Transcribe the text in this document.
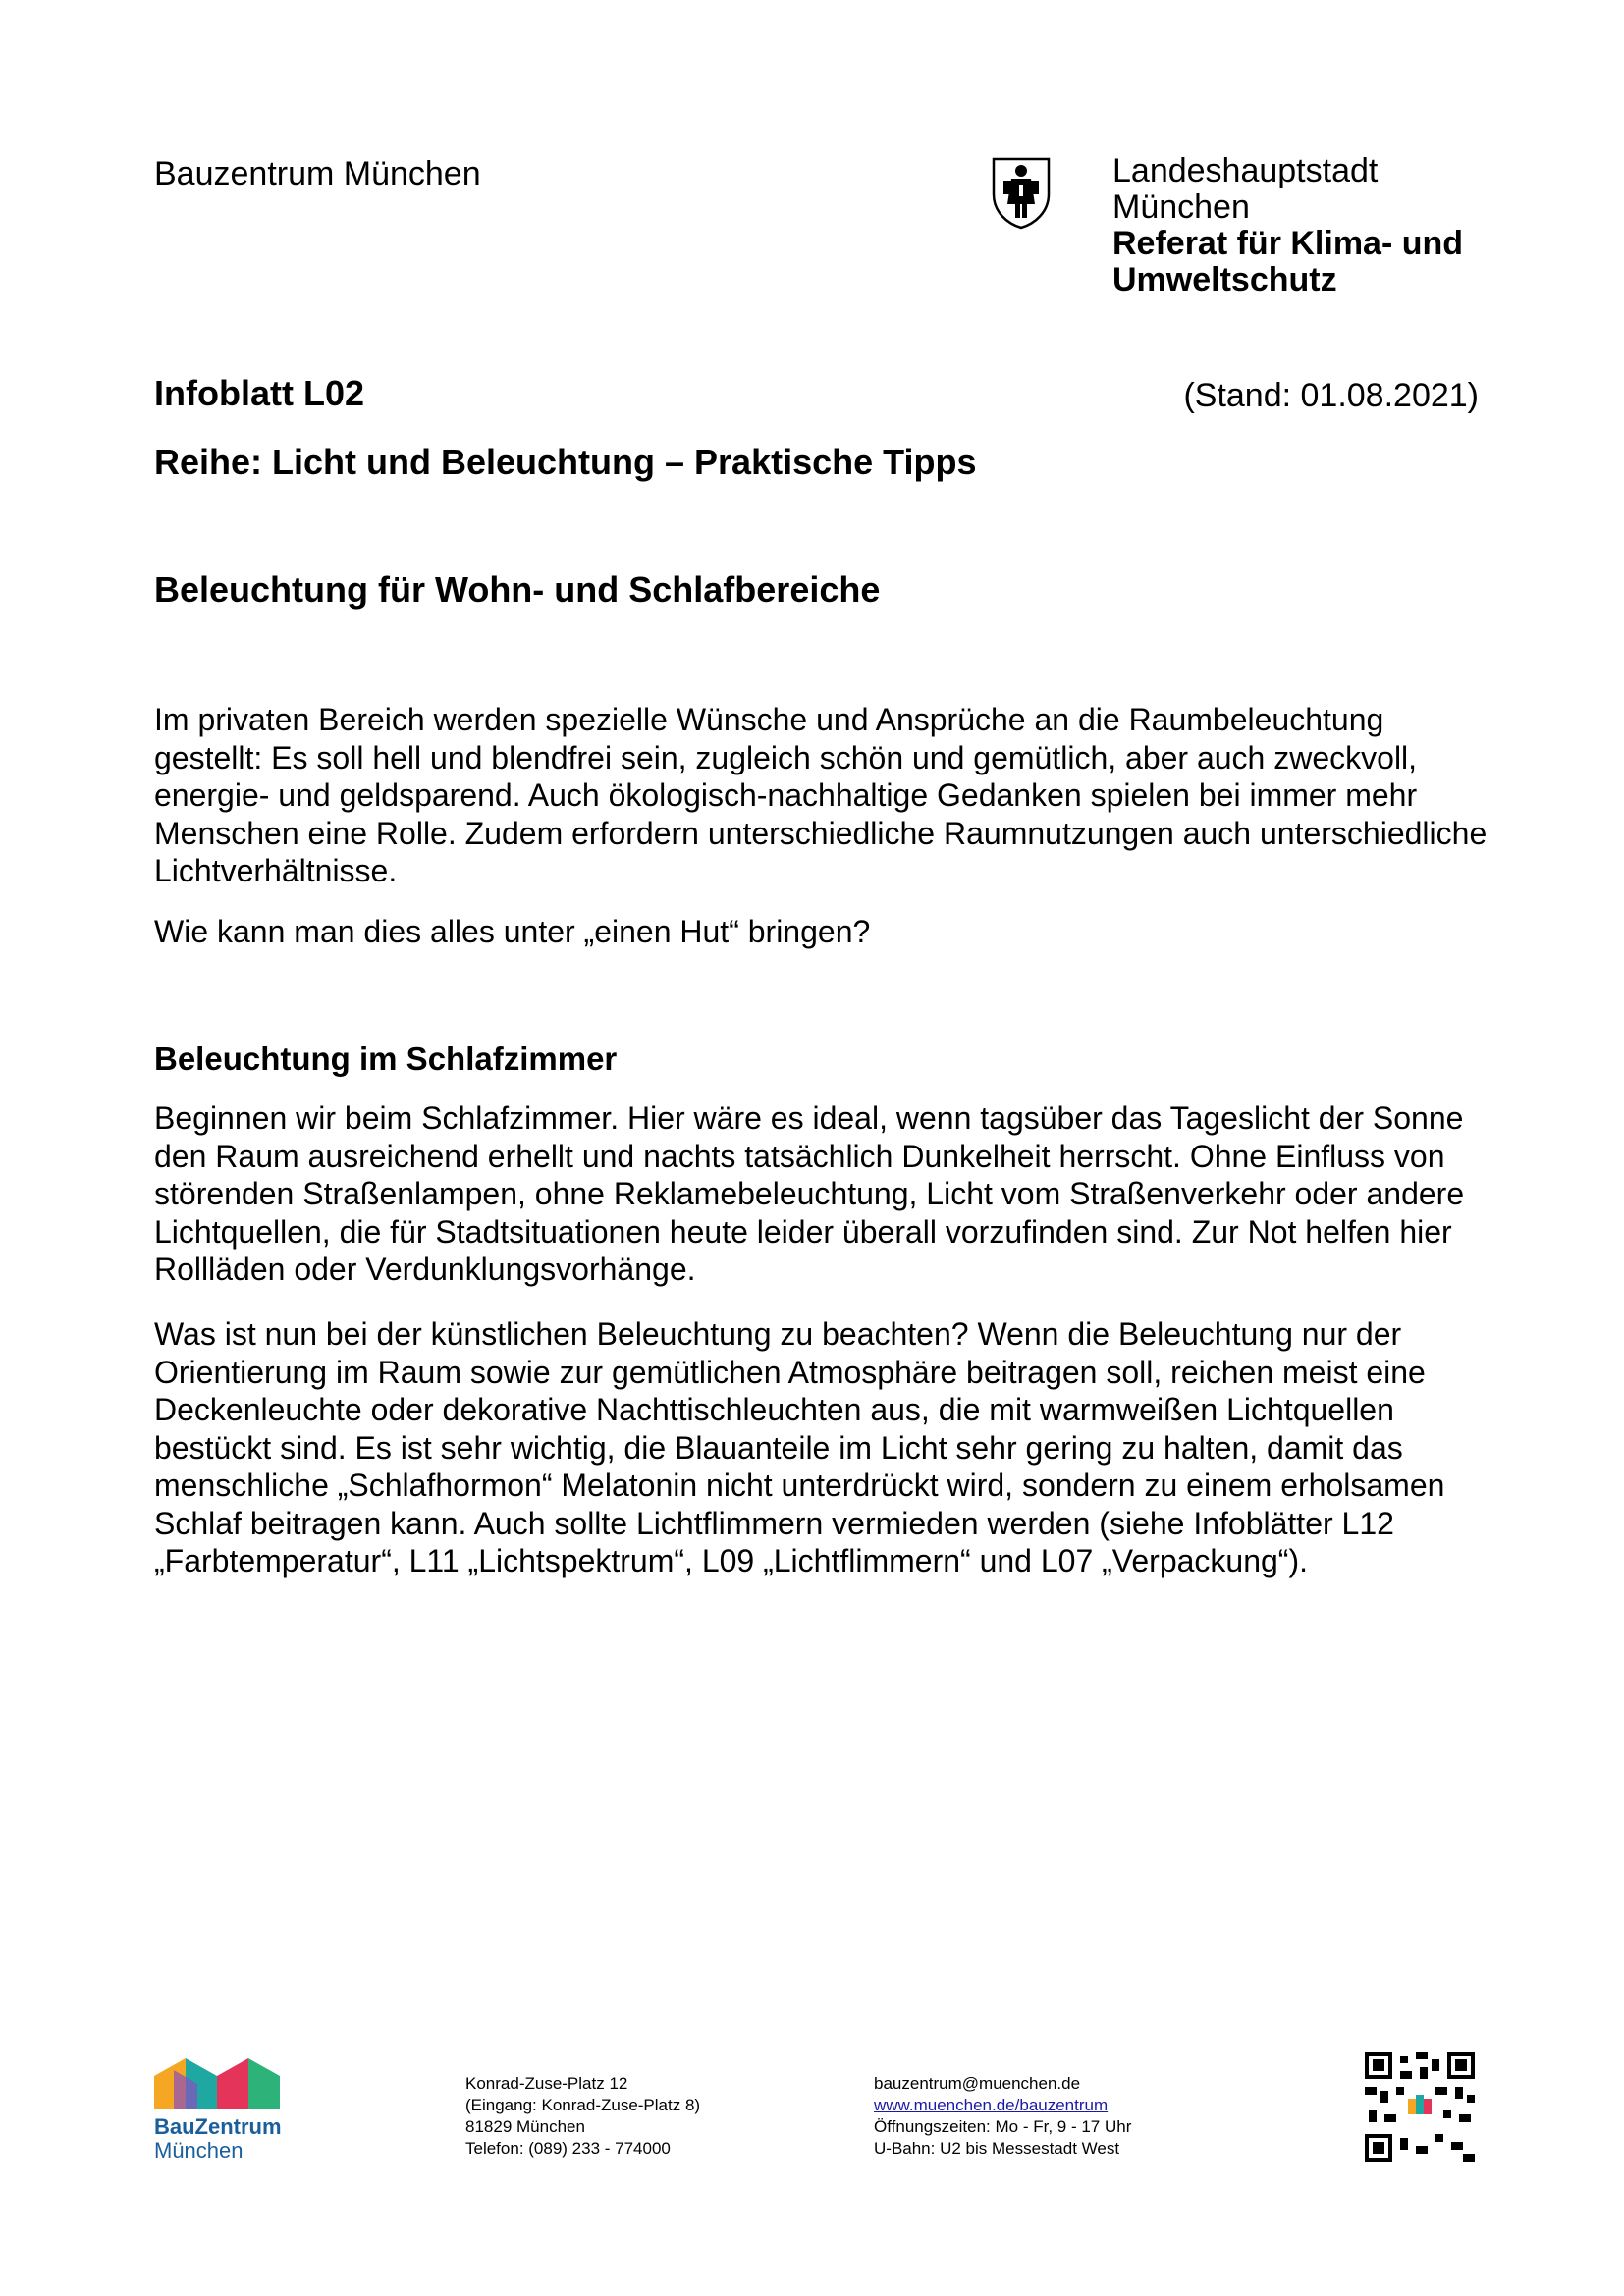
Bauzentrum München	Landeshauptstadt
München
Referat für Klima- und
Umweltschutz
Infoblatt L02	(Stand: 01.08.2021)
Reihe: Licht und Beleuchtung – Praktische Tipps
Beleuchtung für Wohn- und Schlafbereiche

Im privaten Bereich werden spezielle Wünsche und Ansprüche an die Raumbeleuchtung gestellt: Es soll hell und blendfrei sein, zugleich schön und gemütlich, aber auch zweckvoll, energie- und geldsparend. Auch ökologisch-nachhaltige Gedanken spielen bei immer mehr Menschen eine Rolle. Zudem erfordern unterschiedliche Raumnutzungen auch unterschiedliche Lichtverhältnisse.

Wie kann man dies alles unter „einen Hut“ bringen?

Beleuchtung im Schlafzimmer

Beginnen wir beim Schlafzimmer. Hier wäre es ideal, wenn tagsüber das Tageslicht der Sonne den Raum ausreichend erhellt und nachts tatsächlich Dunkelheit herrscht. Ohne Einfluss von störenden Straßenlampen, ohne Reklamebeleuchtung, Licht vom Straßenverkehr oder andere Lichtquellen, die für Stadtsituationen heute leider überall vorzufinden sind. Zur Not helfen hier Rollläden oder Verdunklungsvorhänge.

Was ist nun bei der künstlichen Beleuchtung zu beachten? Wenn die Beleuchtung nur der Orientierung im Raum sowie zur gemütlichen Atmosphäre beitragen soll, reichen meist eine Deckenleuchte oder dekorative Nachttischleuchten aus, die mit warmweißen Lichtquellen bestückt sind. Es ist sehr wichtig, die Blauanteile im Licht sehr gering zu halten, damit das menschliche „Schlafhormon“ Melatonin nicht unterdrückt wird, sondern zu einem erholsamen Schlaf beitragen kann. Auch sollte Lichtflimmern vermieden werden (siehe Infoblätter L12 „Farbtemperatur“, L11 „Lichtspektrum“, L09 „Lichtflimmern“ und L07 „Verpackung“).

BauZentrum
München
Konrad-Zuse-Platz 12
(Eingang: Konrad-Zuse-Platz 8)
81829 München
Telefon: (089) 233 - 774000
bauzentrum@muenchen.de
www.muenchen.de/bauzentrum
Öffnungszeiten: Mo - Fr, 9 - 17 Uhr
U-Bahn: U2 bis Messestadt West
